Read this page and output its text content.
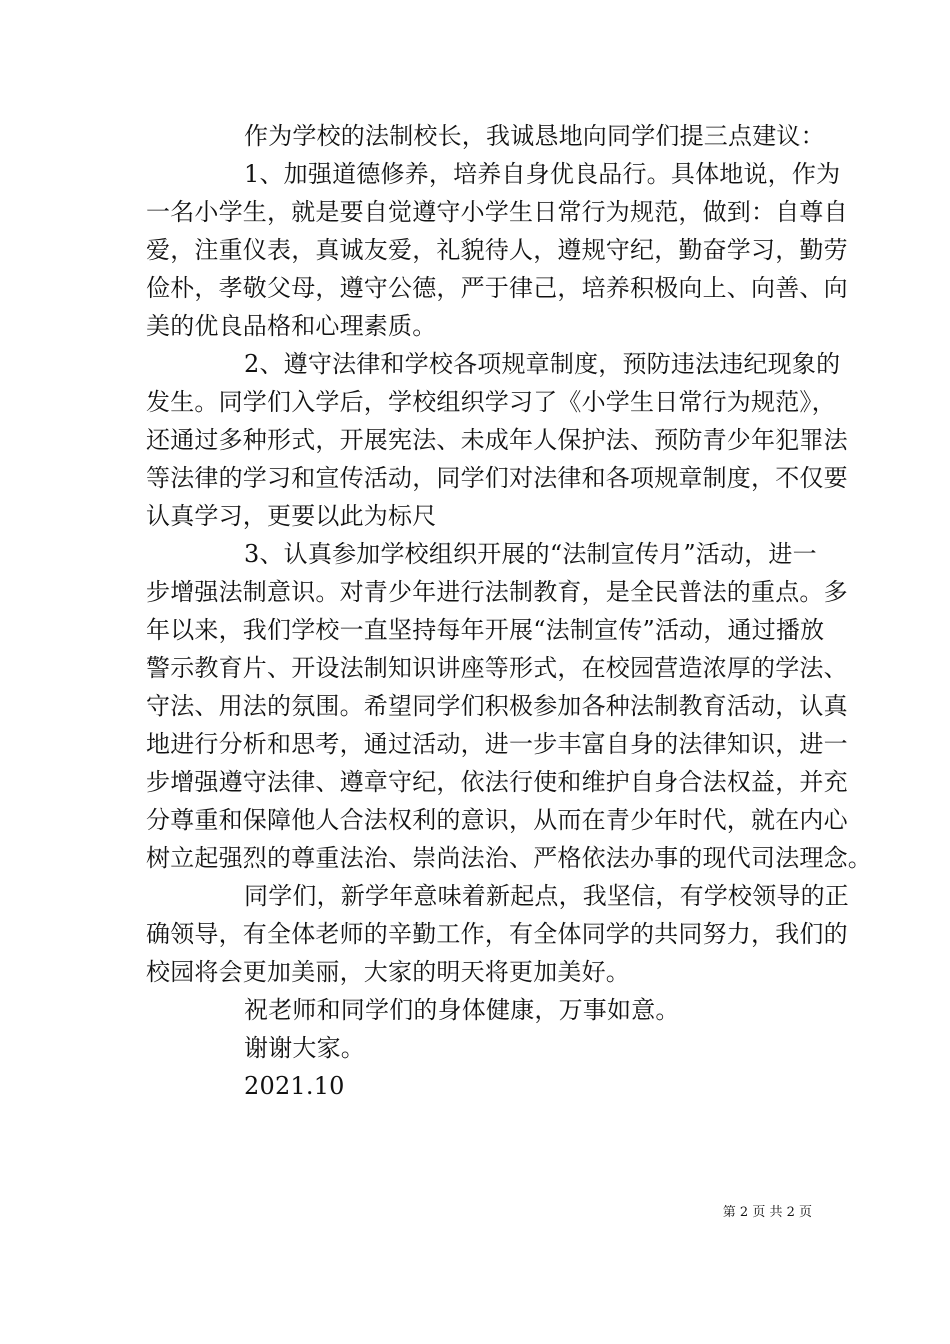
作为学校的法制校长，我诚恳地向同学们提三点建议：
1、加强道德修养，培养自身优良品行。具体地说，作为
一名小学生，就是要自觉遵守小学生日常行为规范，做到：自尊自
爱，注重仪表，真诚友爱，礼貌待人，遵规守纪，勤奋学习，勤劳
俭朴，孝敬父母，遵守公德，严于律己，培养积极向上、向善、向
美的优良品格和心理素质。
2、遵守法律和学校各项规章制度，预防违法违纪现象的
发生。同学们入学后，学校组织学习了《小学生日常行为规范》，
还通过多种形式，开展宪法、未成年人保护法、预防青少年犯罪法
等法律的学习和宣传活动，同学们对法律和各项规章制度，不仅要
认真学习，更要以此为标尺
3、认真参加学校组织开展的“法制宣传月”活动，进一
步增强法制意识。对青少年进行法制教育，是全民普法的重点。多
年以来，我们学校一直坚持每年开展“法制宣传”活动，通过播放
警示教育片、开设法制知识讲座等形式，在校园营造浓厚的学法、
守法、用法的氛围。希望同学们积极参加各种法制教育活动，认真
地进行分析和思考，通过活动，进一步丰富自身的法律知识，进一
步增强遵守法律、遵章守纪，依法行使和维护自身合法权益，并充
分尊重和保障他人合法权利的意识，从而在青少年时代，就在内心
树立起强烈的尊重法治、崇尚法治、严格依法办事的现代司法理念。
同学们，新学年意味着新起点，我坚信，有学校领导的正
确领导，有全体老师的辛勤工作，有全体同学的共同努力，我们的
校园将会更加美丽，大家的明天将更加美好。
祝老师和同学们的身体健康，万事如意。
谢谢大家。
2021.10
第 2 页 共 2 页
